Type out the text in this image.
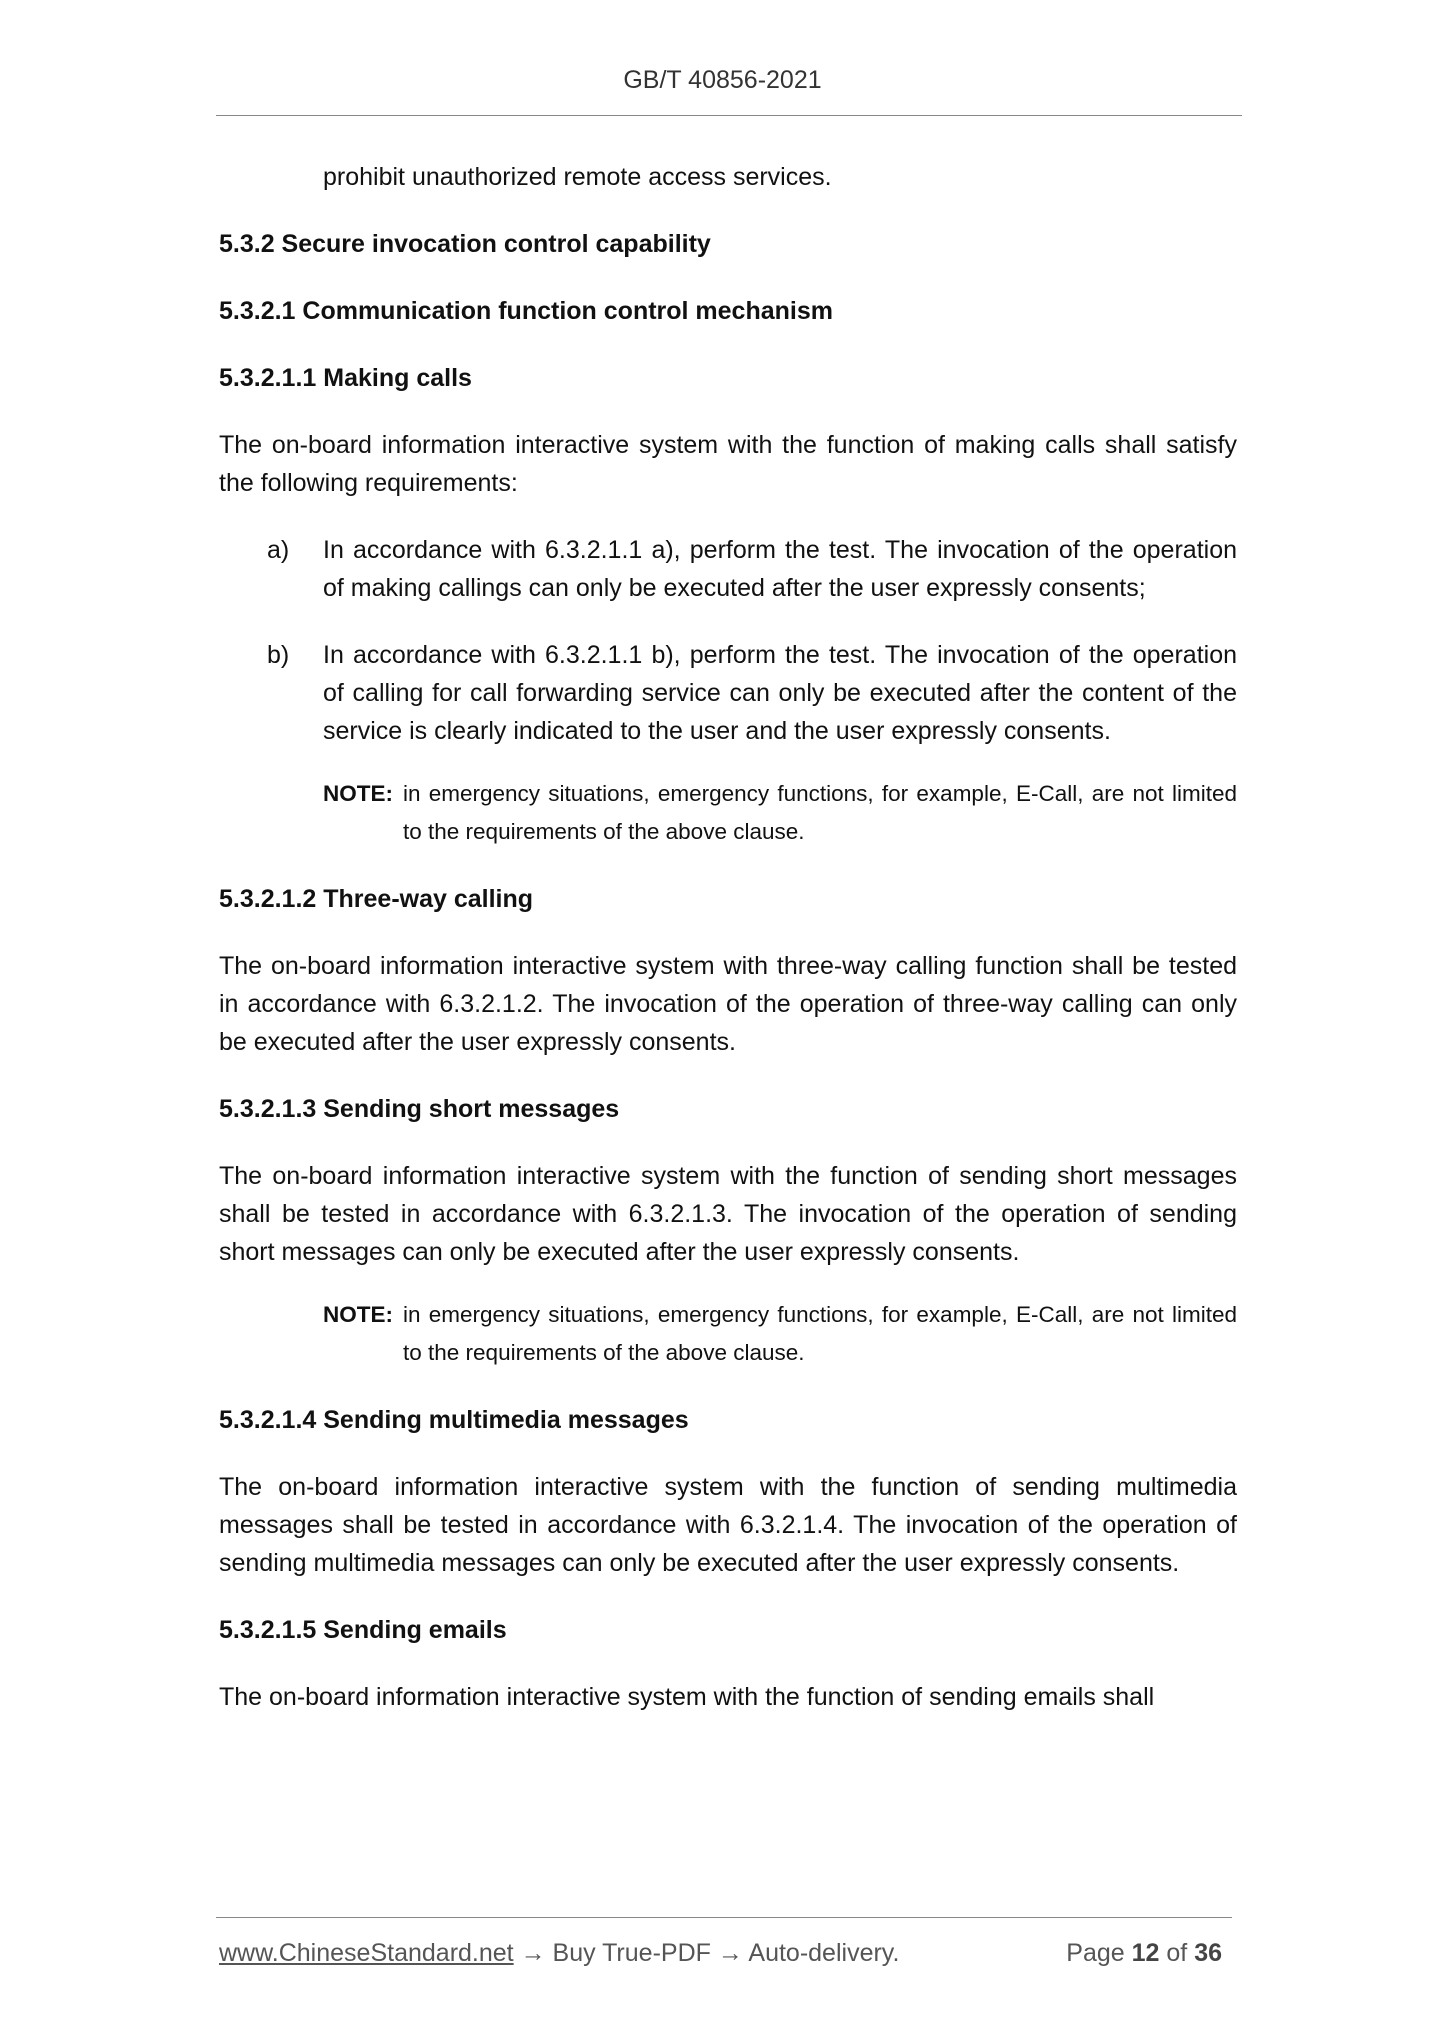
GB/T 40856-2021

prohibit unauthorized remote access services.

5.3.2 Secure invocation control capability
5.3.2.1 Communication function control mechanism
5.3.2.1.1 Making calls

The on-board information interactive system with the function of making calls shall satisfy the following requirements:

a)	In accordance with 6.3.2.1.1 a), perform the test. The invocation of the operation of making callings can only be executed after the user expressly consents;
b)	In accordance with 6.3.2.1.1 b), perform the test. The invocation of the operation of calling for call forwarding service can only be executed after the content of the service is clearly indicated to the user and the user expressly consents.
NOTE: in emergency situations, emergency functions, for example, E-Call, are not limited to the requirements of the above clause.
5.3.2.1.2 Three-way calling

The on-board information interactive system with three-way calling function shall be tested in accordance with 6.3.2.1.2. The invocation of the operation of three-way calling can only be executed after the user expressly consents.

5.3.2.1.3 Sending short messages

The on-board information interactive system with the function of sending short messages shall be tested in accordance with 6.3.2.1.3. The invocation of the operation of sending short messages can only be executed after the user expressly consents.

NOTE: in emergency situations, emergency functions, for example, E-Call, are not limited to the requirements of the above clause.
5.3.2.1.4 Sending multimedia messages

The on-board information interactive system with the function of sending multimedia messages shall be tested in accordance with 6.3.2.1.4. The invocation of the operation of sending multimedia messages can only be executed after the user expressly consents.

5.3.2.1.5 Sending emails

The on-board information interactive system with the function of sending emails shall

www.ChineseStandard.net → Buy True-PDF → Auto-delivery.	Page 12 of 36
